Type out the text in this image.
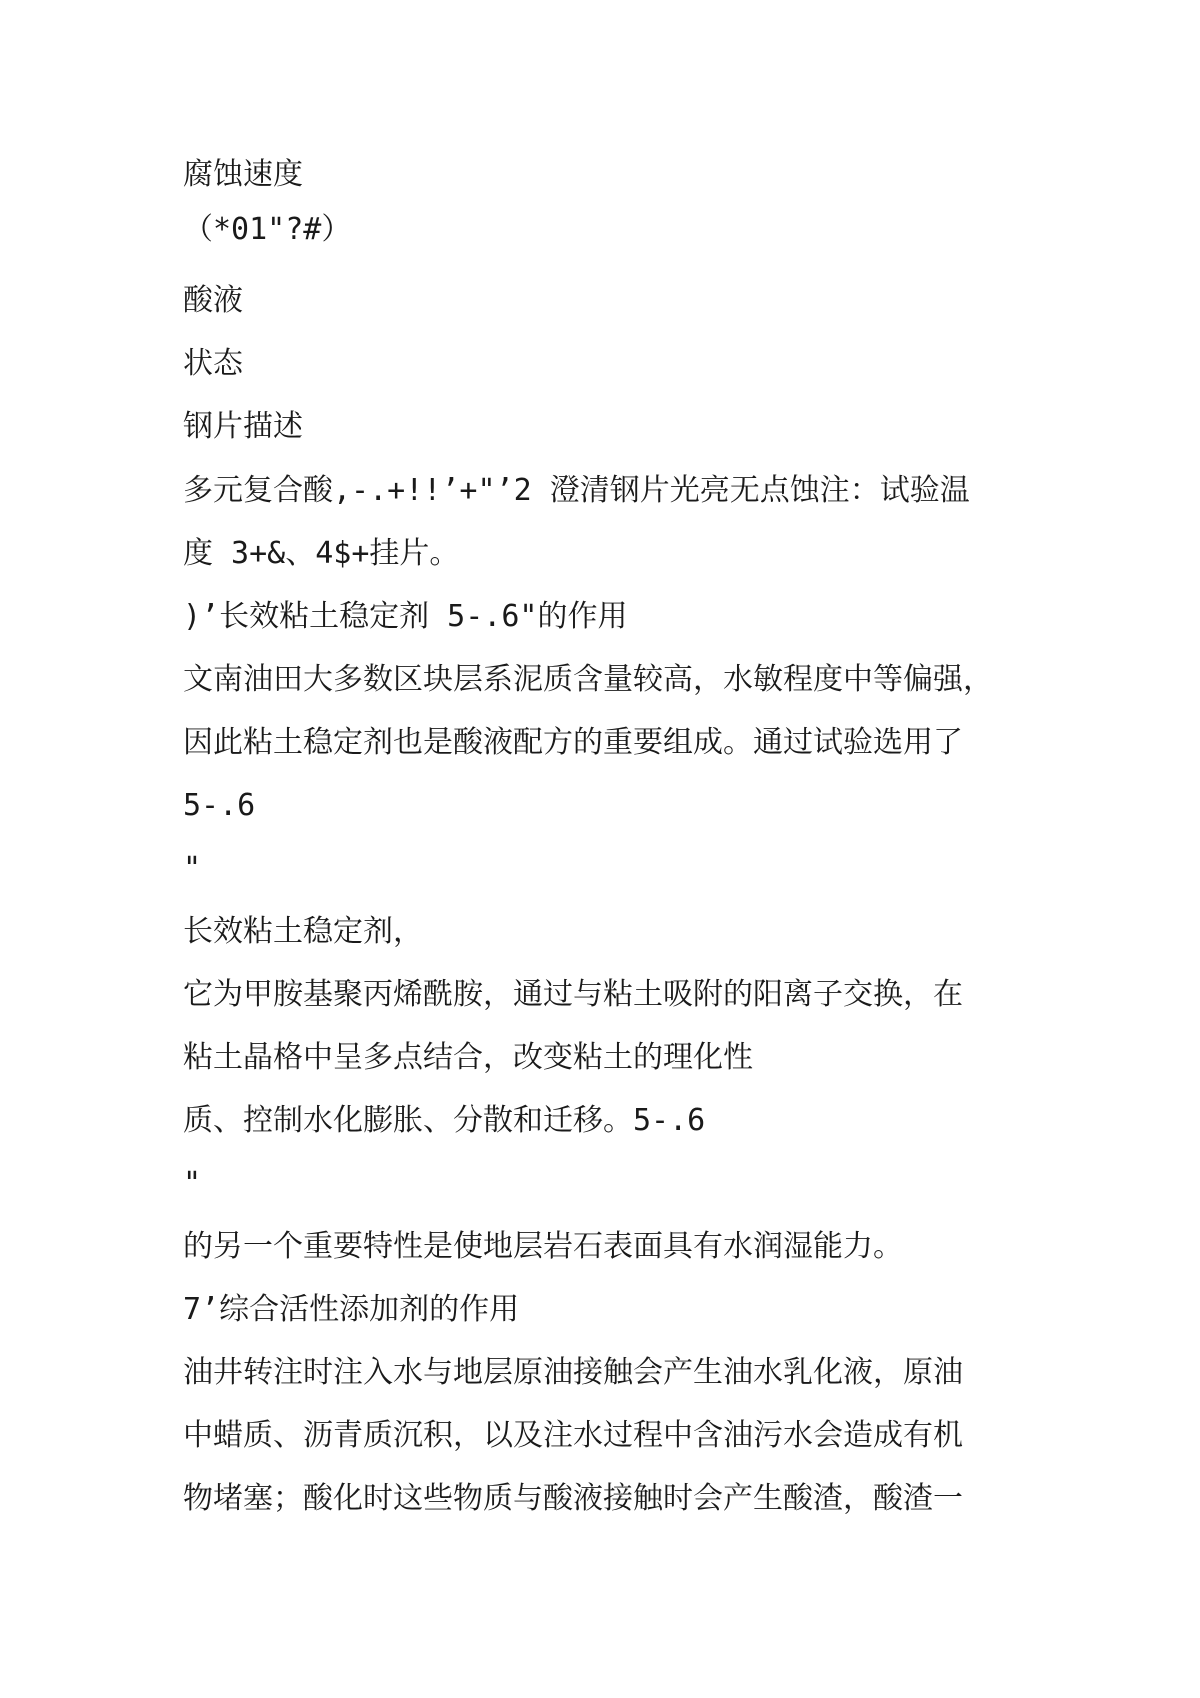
腐蚀速度

（*01"?#）

酸液

状态

钢片描述

多元复合酸,-.+!!’+"’2 澄清钢片光亮无点蚀注：试验温

度 3+&、4$+挂片。

)’长效粘土稳定剂 5-.6"的作用

文南油田大多数区块层系泥质含量较高，水敏程度中等偏强，

因此粘土稳定剂也是酸液配方的重要组成。通过试验选用了

5-.6

"

长效粘土稳定剂，

它为甲胺基聚丙烯酰胺，通过与粘土吸附的阳离子交换，在

粘土晶格中呈多点结合，改变粘土的理化性

质、控制水化膨胀、分散和迁移。5-.6

"

的另一个重要特性是使地层岩石表面具有水润湿能力。

7’综合活性添加剂的作用

油井转注时注入水与地层原油接触会产生油水乳化液，原油

中蜡质、沥青质沉积，以及注水过程中含油污水会造成有机

物堵塞；酸化时这些物质与酸液接触时会产生酸渣，酸渣一
